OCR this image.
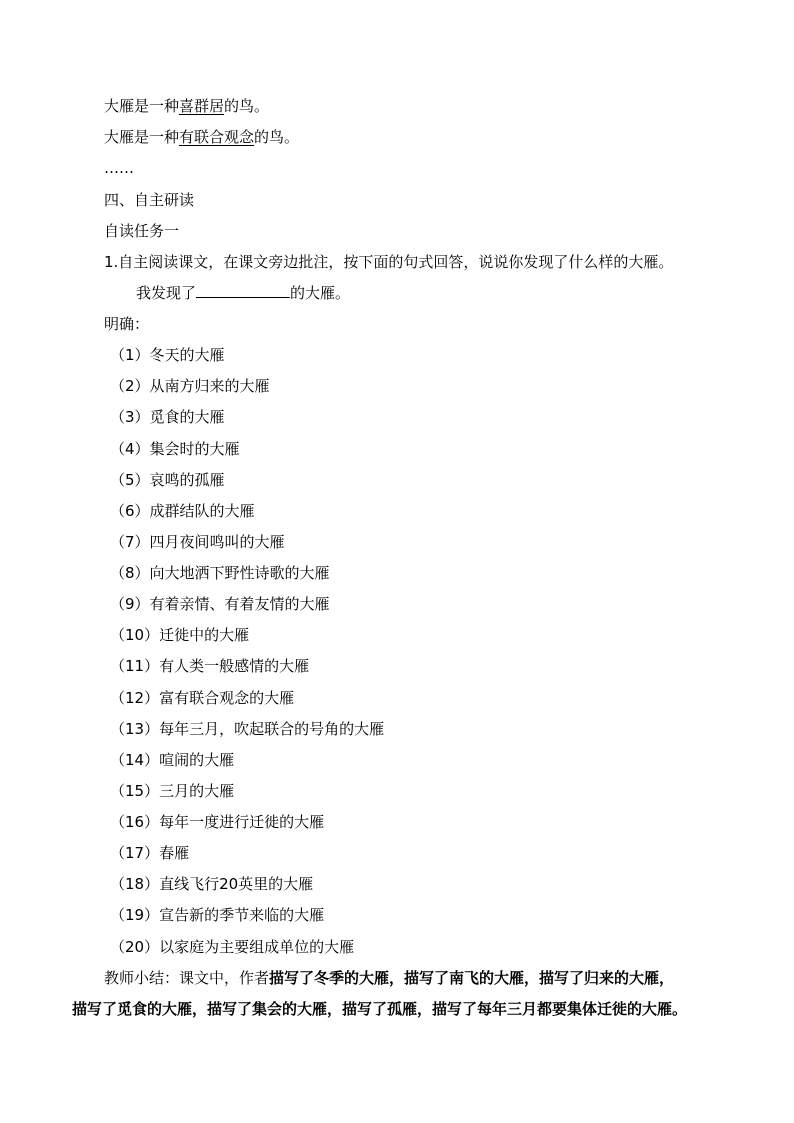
大雁是一种喜群居的鸟。
大雁是一种有联合观念的鸟。
……
四、自主研读
自读任务一
1.自主阅读课文，在课文旁边批注，按下面的句式回答，说说你发现了什么样的大雁。
我发现了	的大雁。
明确：
（1）冬天的大雁
（2）从南方归来的大雁
（3）觅食的大雁
（4）集会时的大雁
（5）哀鸣的孤雁
（6）成群结队的大雁
（7）四月夜间鸣叫的大雁
（8）向大地洒下野性诗歌的大雁
（9）有着亲情、有着友情的大雁
（10）迁徙中的大雁
（11）有人类一般感情的大雁
（12）富有联合观念的大雁
（13）每年三月，吹起联合的号角的大雁
（14）喧闹的大雁
（15）三月的大雁
（16）每年一度进行迁徙的大雁
（17）春雁
（18）直线飞行20英里的大雁
（19）宣告新的季节来临的大雁
（20）以家庭为主要组成单位的大雁
教师小结：课文中，作者描写了冬季的大雁，描写了南飞的大雁，描写了归来的大雁，
描写了觅食的大雁，描写了集会的大雁，描写了孤雁，描写了每年三月都要集体迁徙的大雁。
